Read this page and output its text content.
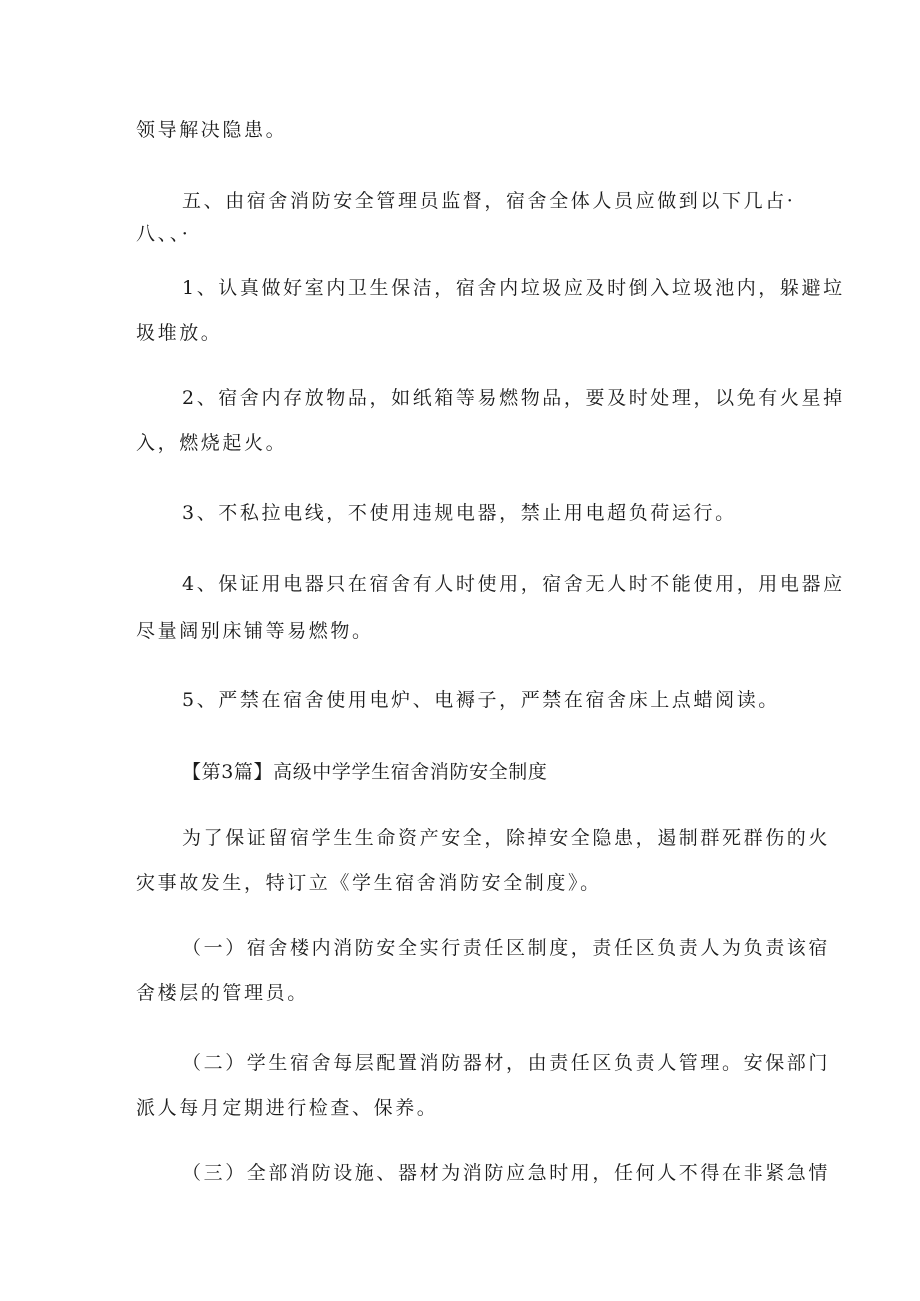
领导解决隐患。
五、由宿舍消防安全管理员监督，宿舍全体人员应做到以下几占·
八、、·
1、认真做好室内卫生保洁，宿舍内垃圾应及时倒入垃圾池内，躲避垃
圾堆放。
2、宿舍内存放物品，如纸箱等易燃物品，要及时处理，以免有火星掉
入，燃烧起火。
3、不私拉电线，不使用违规电器，禁止用电超负荷运行。
4、保证用电器只在宿舍有人时使用，宿舍无人时不能使用，用电器应
尽量阔别床铺等易燃物。
5、严禁在宿舍使用电炉、电褥子，严禁在宿舍床上点蜡阅读。
【第3篇】高级中学学生宿舍消防安全制度
为了保证留宿学生生命资产安全，除掉安全隐患，遏制群死群伤的火
灾事故发生，特订立《学生宿舍消防安全制度》。
（一）宿舍楼内消防安全实行责任区制度，责任区负责人为负责该宿
舍楼层的管理员。
（二）学生宿舍每层配置消防器材，由责任区负责人管理。安保部门
派人每月定期进行检查、保养。
（三）全部消防设施、器材为消防应急时用，任何人不得在非紧急情
